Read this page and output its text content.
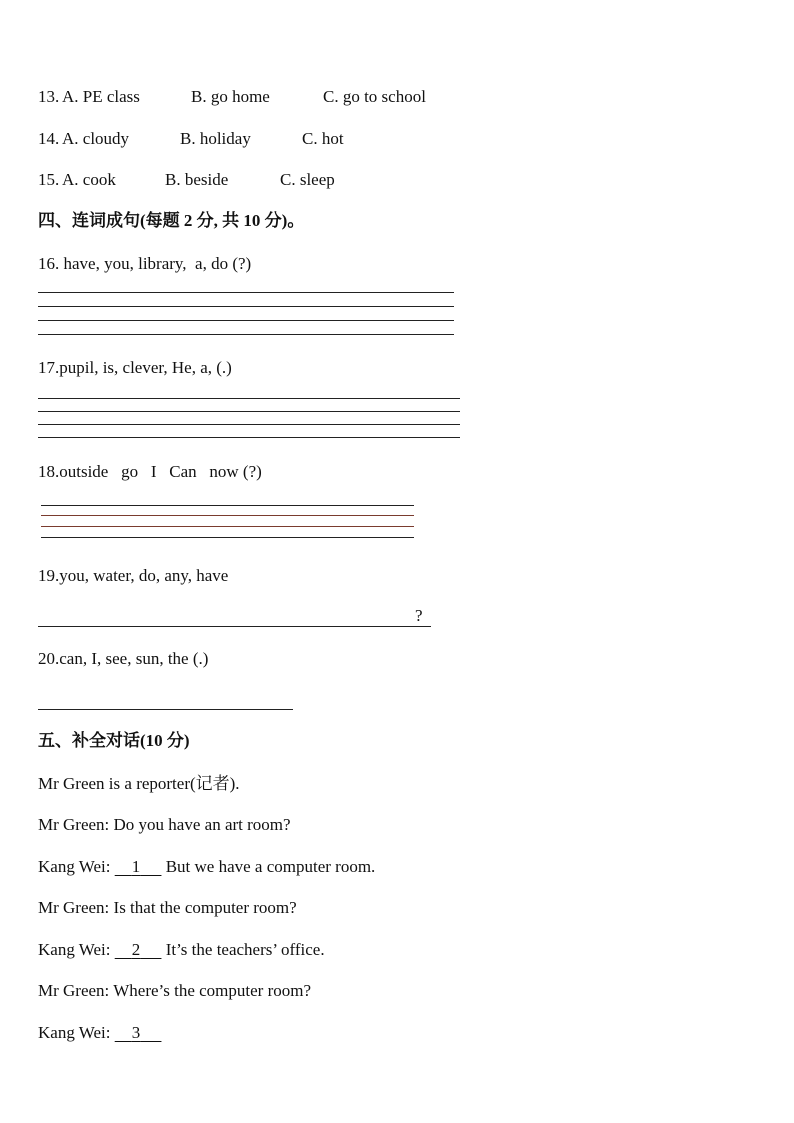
13. A. PE class	B. go home	C. go to school
14. A. cloudy	B. holiday	C. hot
15. A. cook	B. beside	C. sleep
四、连词成句(每题 2 分, 共 10 分)。
16. have, you, library,  a, do (?)
17.pupil, is, clever, He, a, (.)
18.outside   go   I   Can   now (?)
19.you, water, do, any, have
?
20.can, I, see, sun, the (.)
五、补全对话(10 分)
Mr Green is a reporter(记者).
Mr Green: Do you have an art room?
Kang Wei:     1      But we have a computer room.
Mr Green: Is that the computer room?
Kang Wei:     2      It’s the teachers’ office.
Mr Green: Where’s the computer room?
Kang Wei:     3
